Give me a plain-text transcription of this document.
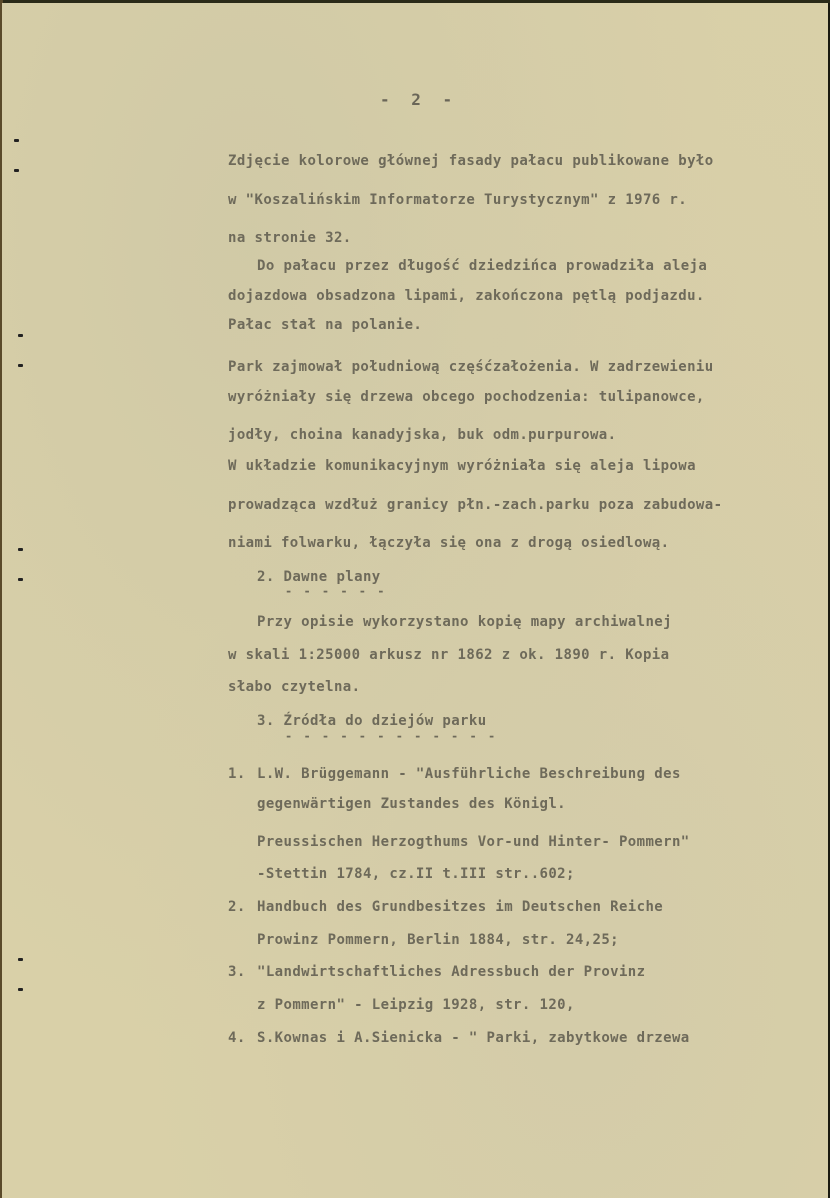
- 2 -
Zdjęcie kolorowe głównej fasady pałacu publikowane było
w "Koszalińskim Informatorze Turystycznym" z 1976 r.
na stronie 32.
Do pałacu przez długość dziedzińca prowadziła aleja
dojazdowa obsadzona lipami, zakończona pętlą podjazdu.
Pałac stał na polanie.
Park zajmował południową częśćzałożenia. W zadrzewieniu
wyróżniały się drzewa obcego pochodzenia: tulipanowce,
jodły, choina kanadyjska, buk odm.purpurowa.
W układzie komunikacyjnym wyróżniała się aleja lipowa
prowadząca wzdłuż granicy płn.-zach.parku poza zabudowa-
niami folwarku, łączyła się ona z drogą osiedlową.
2. Dawne plany
- - - - - -
Przy opisie wykorzystano kopię mapy archiwalnej
w skali 1:25000 arkusz nr 1862 z ok. 1890 r. Kopia
słabo czytelna.
3. Źródła do dziejów parku
- - - - - - - - - - - -
1. L.W. Brüggemann - "Ausführliche Beschreibung des
gegenwärtigen Zustandes des Königl.
Preussischen Herzogthums Vor-und Hinter- Pommern"
-Stettin 1784, cz.II t.III str..602;
2. Handbuch des Grundbesitzes im Deutschen Reiche
Prowinz Pommern, Berlin 1884, str. 24,25;
3. "Landwirtschaftliches Adressbuch der Provinz
z Pommern" - Leipzig 1928, str. 120,
4. S.Kownas i A.Sienicka - " Parki, zabytkowe drzewa
